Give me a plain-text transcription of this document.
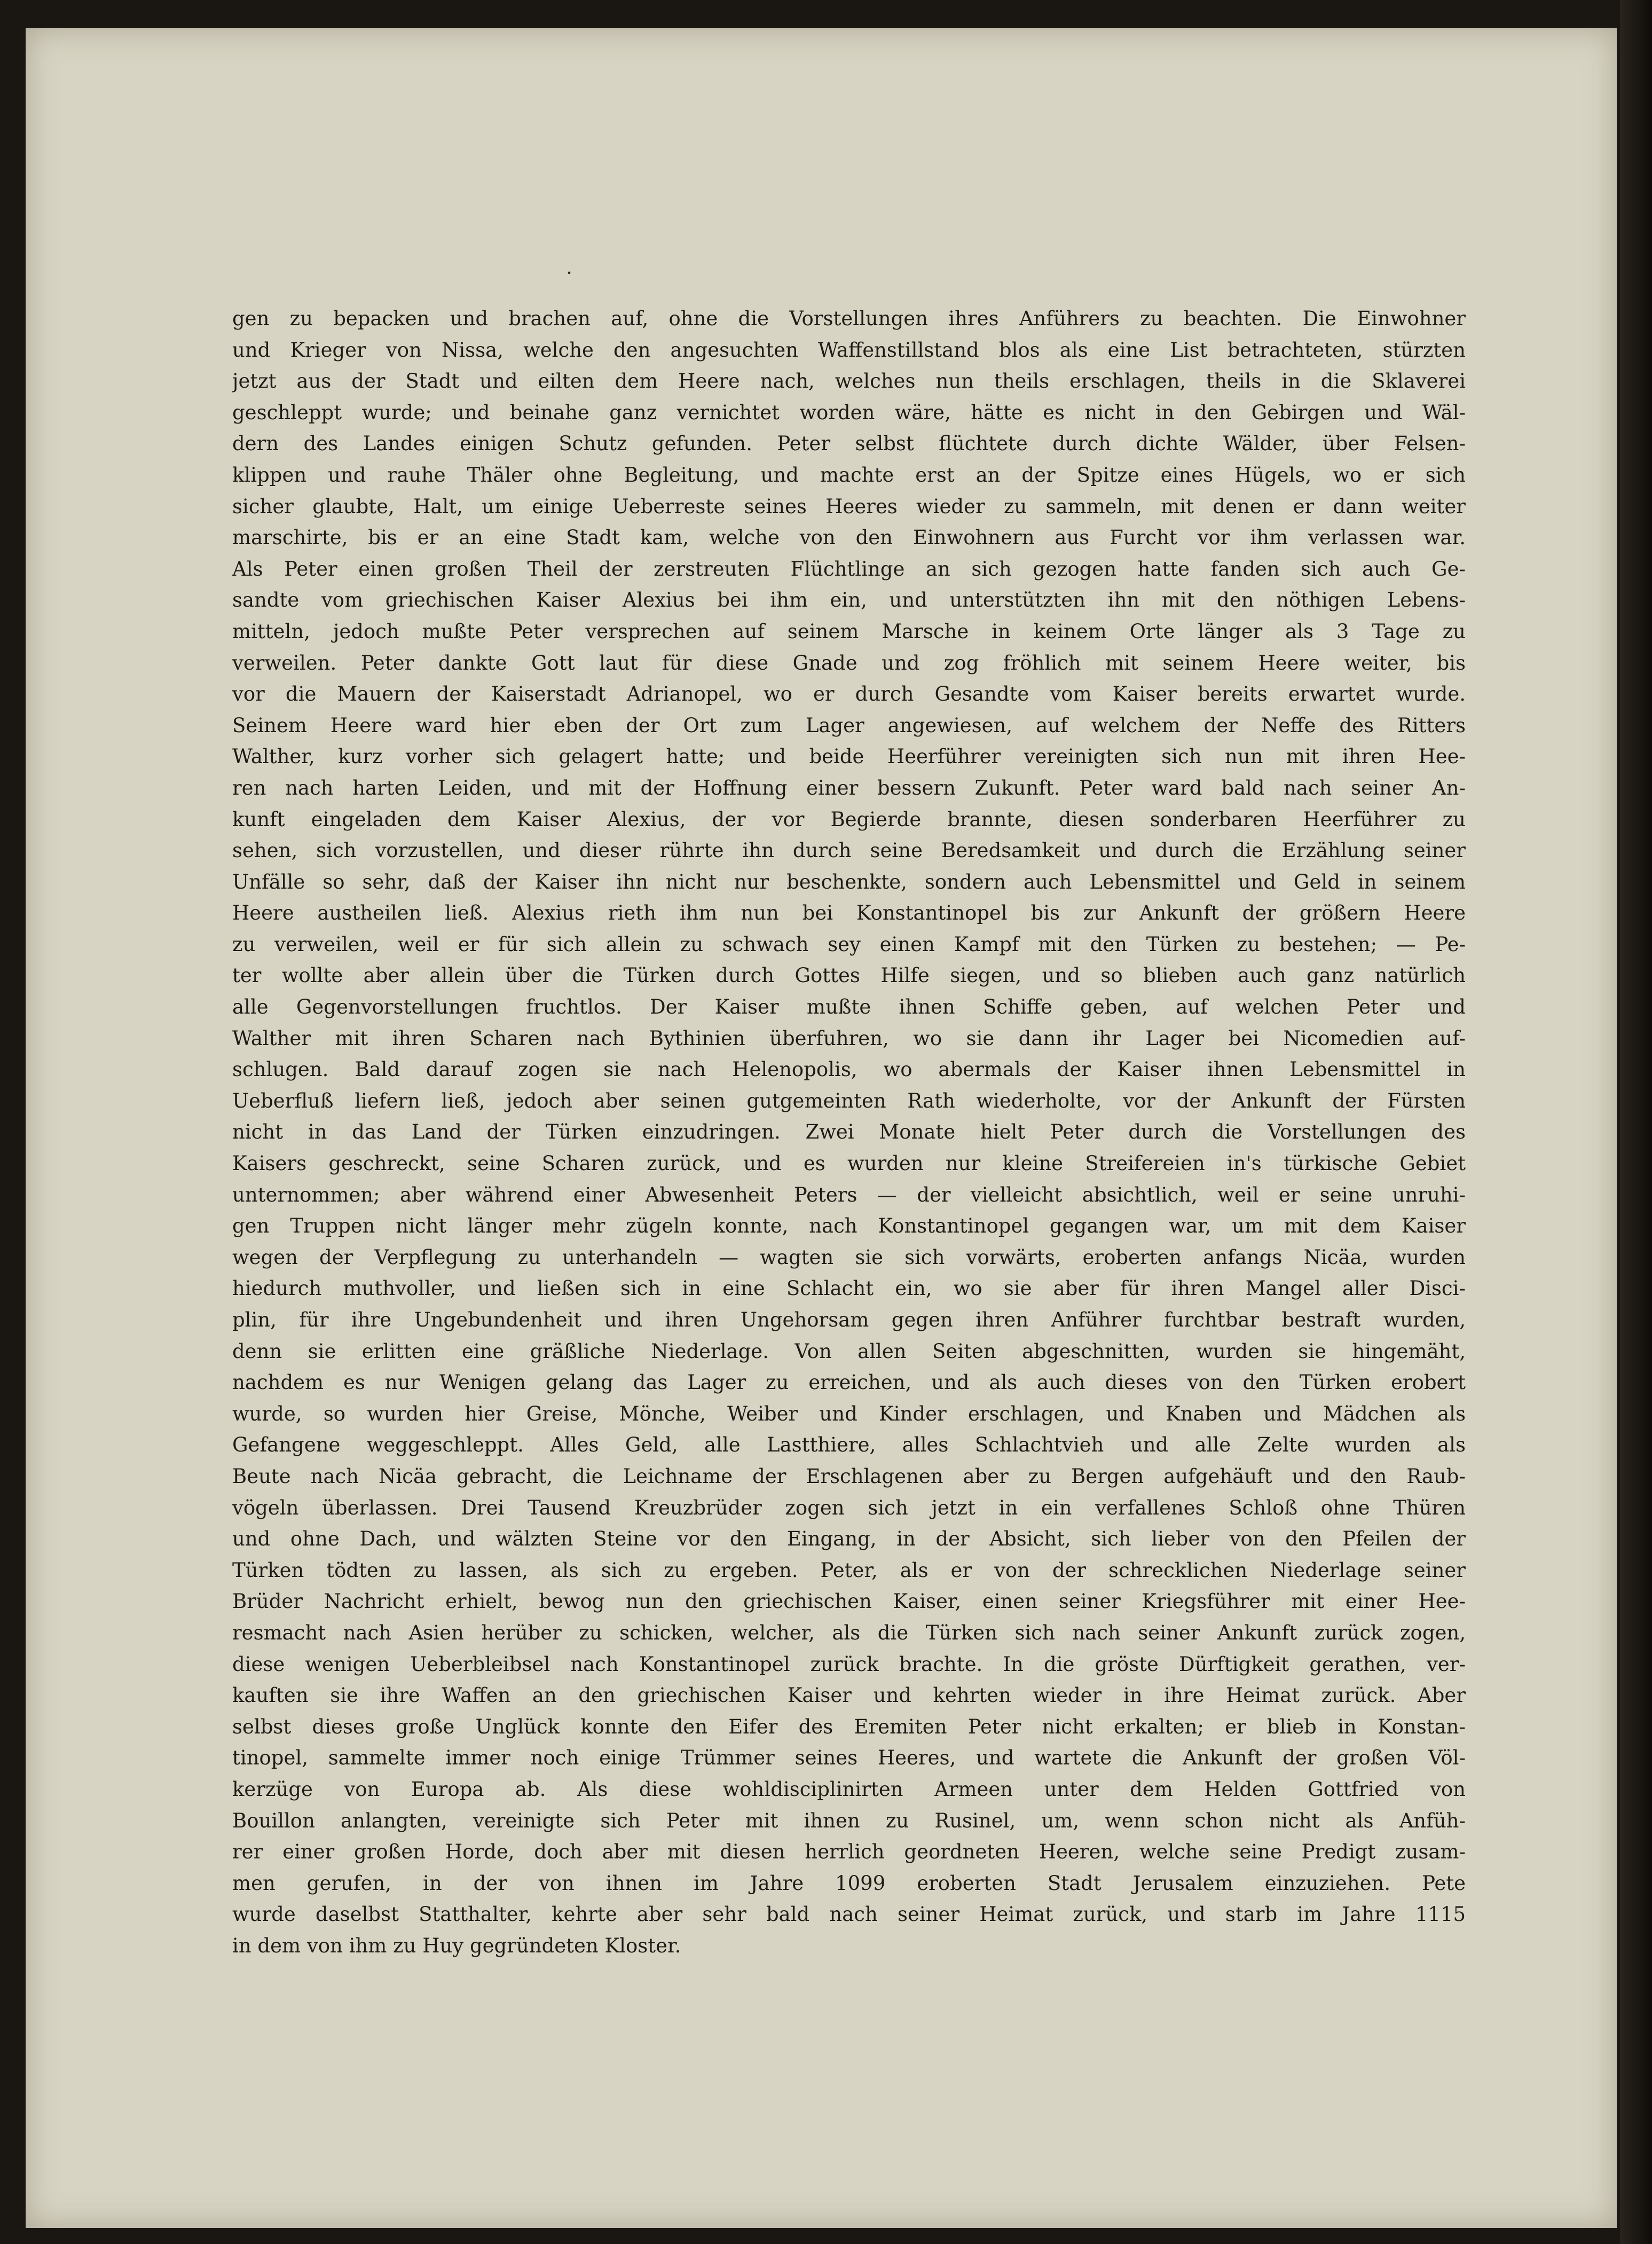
ꞏ
gen zu bepacken und brachen auf, ohne die Vorstellungen ihres Anführers zu beachten. Die Einwohner
und Krieger von Nissa, welche den angesuchten Waffenstillstand blos als eine List betrachteten, stürzten
jetzt aus der Stadt und eilten dem Heere nach, welches nun theils erschlagen, theils in die Sklaverei
geschleppt wurde; und beinahe ganz vernichtet worden wäre, hätte es nicht in den Gebirgen und Wäl-
dern des Landes einigen Schutz gefunden. Peter selbst flüchtete durch dichte Wälder, über Felsen-
klippen und rauhe Thäler ohne Begleitung, und machte erst an der Spitze eines Hügels, wo er sich
sicher glaubte, Halt, um einige Ueberreste seines Heeres wieder zu sammeln, mit denen er dann weiter
marschirte, bis er an eine Stadt kam, welche von den Einwohnern aus Furcht vor ihm verlassen war.
Als Peter einen großen Theil der zerstreuten Flüchtlinge an sich gezogen hatte fanden sich auch Ge-
sandte vom griechischen Kaiser Alexius bei ihm ein, und unterstützten ihn mit den nöthigen Lebens-
mitteln, jedoch mußte Peter versprechen auf seinem Marsche in keinem Orte länger als 3 Tage zu
verweilen. Peter dankte Gott laut für diese Gnade und zog fröhlich mit seinem Heere weiter, bis
vor die Mauern der Kaiserstadt Adrianopel, wo er durch Gesandte vom Kaiser bereits erwartet wurde.
Seinem Heere ward hier eben der Ort zum Lager angewiesen, auf welchem der Neffe des Ritters
Walther, kurz vorher sich gelagert hatte; und beide Heerführer vereinigten sich nun mit ihren Hee-
ren nach harten Leiden, und mit der Hoffnung einer bessern Zukunft. Peter ward bald nach seiner An-
kunft eingeladen dem Kaiser Alexius, der vor Begierde brannte, diesen sonderbaren Heerführer zu
sehen, sich vorzustellen, und dieser rührte ihn durch seine Beredsamkeit und durch die Erzählung seiner
Unfälle so sehr, daß der Kaiser ihn nicht nur beschenkte, sondern auch Lebensmittel und Geld in seinem
Heere austheilen ließ. Alexius rieth ihm nun bei Konstantinopel bis zur Ankunft der größern Heere
zu verweilen, weil er für sich allein zu schwach sey einen Kampf mit den Türken zu bestehen; — Pe-
ter wollte aber allein über die Türken durch Gottes Hilfe siegen, und so blieben auch ganz natürlich
alle Gegenvorstellungen fruchtlos. Der Kaiser mußte ihnen Schiffe geben, auf welchen Peter und
Walther mit ihren Scharen nach Bythinien überfuhren, wo sie dann ihr Lager bei Nicomedien auf-
schlugen. Bald darauf zogen sie nach Helenopolis, wo abermals der Kaiser ihnen Lebensmittel in
Ueberfluß liefern ließ, jedoch aber seinen gutgemeinten Rath wiederholte, vor der Ankunft der Fürsten
nicht in das Land der Türken einzudringen. Zwei Monate hielt Peter durch die Vorstellungen des
Kaisers geschreckt, seine Scharen zurück, und es wurden nur kleine Streifereien in's türkische Gebiet
unternommen; aber während einer Abwesenheit Peters — der vielleicht absichtlich, weil er seine unruhi-
gen Truppen nicht länger mehr zügeln konnte, nach Konstantinopel gegangen war, um mit dem Kaiser
wegen der Verpflegung zu unterhandeln — wagten sie sich vorwärts, eroberten anfangs Nicäa, wurden
hiedurch muthvoller, und ließen sich in eine Schlacht ein, wo sie aber für ihren Mangel aller Disci-
plin, für ihre Ungebundenheit und ihren Ungehorsam gegen ihren Anführer furchtbar bestraft wurden,
denn sie erlitten eine gräßliche Niederlage. Von allen Seiten abgeschnitten, wurden sie hingemäht,
nachdem es nur Wenigen gelang das Lager zu erreichen, und als auch dieses von den Türken erobert
wurde, so wurden hier Greise, Mönche, Weiber und Kinder erschlagen, und Knaben und Mädchen als
Gefangene weggeschleppt. Alles Geld, alle Lastthiere, alles Schlachtvieh und alle Zelte wurden als
Beute nach Nicäa gebracht, die Leichname der Erschlagenen aber zu Bergen aufgehäuft und den Raub-
vögeln überlassen. Drei Tausend Kreuzbrüder zogen sich jetzt in ein verfallenes Schloß ohne Thüren
und ohne Dach, und wälzten Steine vor den Eingang, in der Absicht, sich lieber von den Pfeilen der
Türken tödten zu lassen, als sich zu ergeben. Peter, als er von der schrecklichen Niederlage seiner
Brüder Nachricht erhielt, bewog nun den griechischen Kaiser, einen seiner Kriegsführer mit einer Hee-
resmacht nach Asien herüber zu schicken, welcher, als die Türken sich nach seiner Ankunft zurück zogen,
diese wenigen Ueberbleibsel nach Konstantinopel zurück brachte. In die gröste Dürftigkeit gerathen, ver-
kauften sie ihre Waffen an den griechischen Kaiser und kehrten wieder in ihre Heimat zurück. Aber
selbst dieses große Unglück konnte den Eifer des Eremiten Peter nicht erkalten; er blieb in Konstan-
tinopel, sammelte immer noch einige Trümmer seines Heeres, und wartete die Ankunft der großen Völ-
kerzüge von Europa ab. Als diese wohldisciplinirten Armeen unter dem Helden Gottfried von
Bouillon anlangten, vereinigte sich Peter mit ihnen zu Rusinel, um, wenn schon nicht als Anfüh-
rer einer großen Horde, doch aber mit diesen herrlich geordneten Heeren, welche seine Predigt zusam-
men gerufen, in der von ihnen im Jahre 1099 eroberten Stadt Jerusalem einzuziehen. Pete
wurde daselbst Statthalter, kehrte aber sehr bald nach seiner Heimat zurück, und starb im Jahre 1115
in dem von ihm zu Huy gegründeten Kloster.
